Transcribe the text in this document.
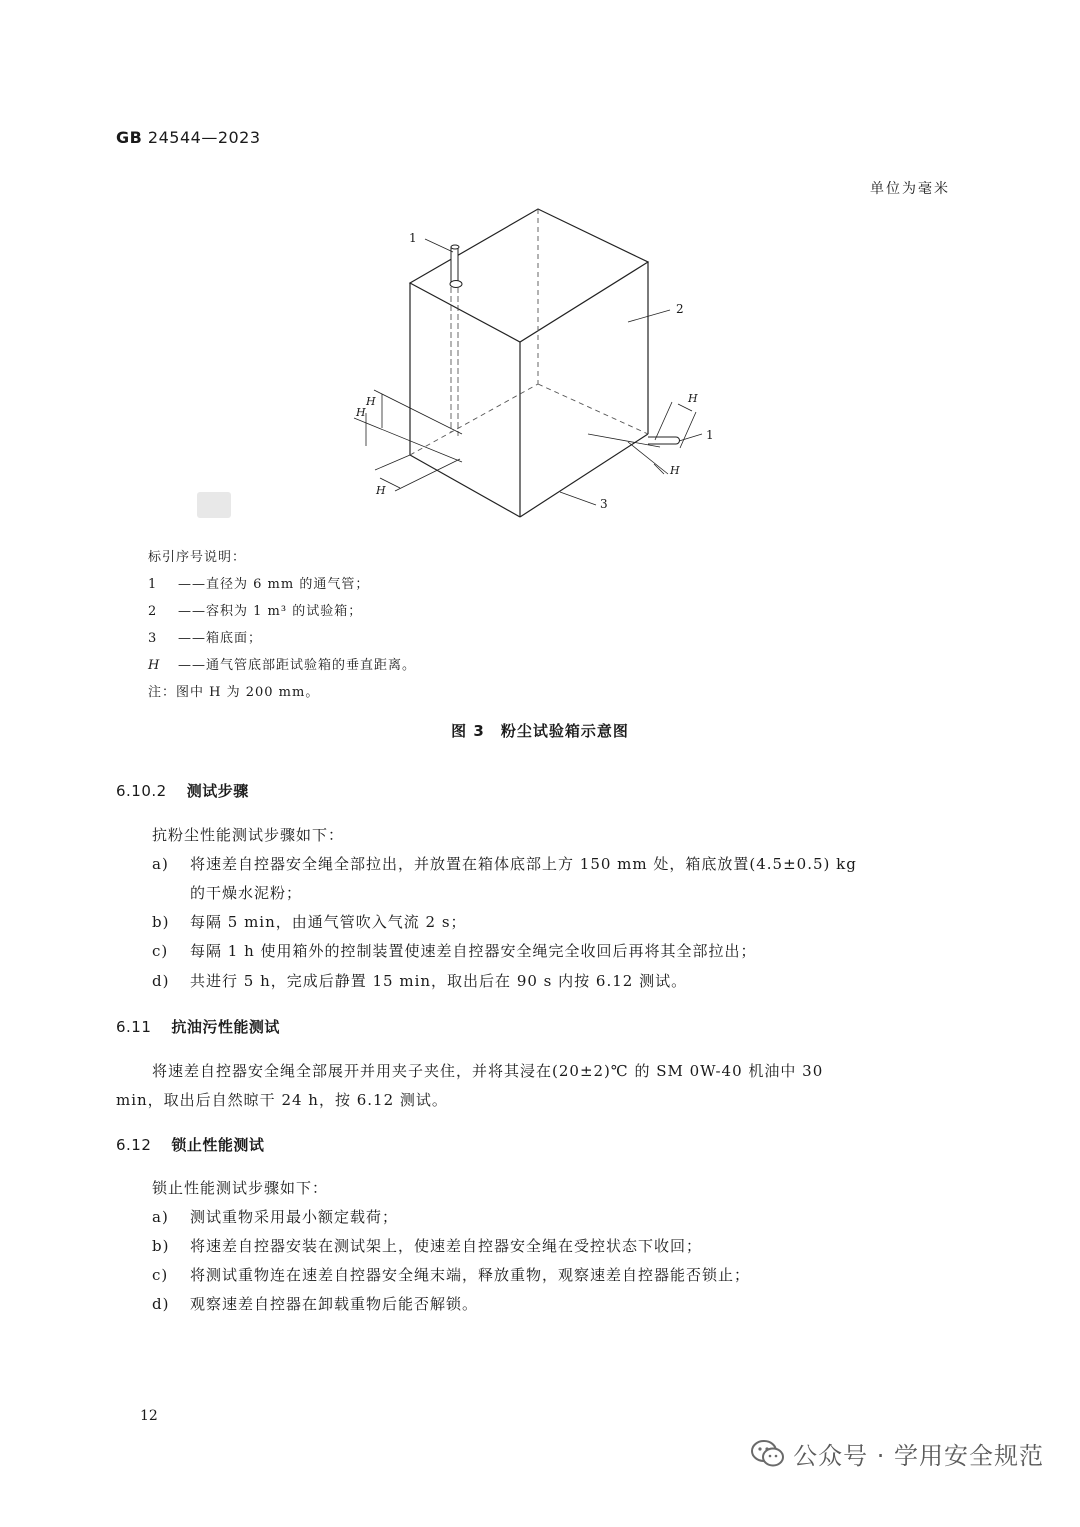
GB 24544—2023
单位为毫米
1
2
1
3
H
H
H
H
H
标引序号说明：
1 ——直径为 6 mm 的通气管；
2 ——容积为 1 m³ 的试验箱；
3 ——箱底面；
H ——通气管底部距试验箱的垂直距离。
注：图中 H 为 200 mm。
图 3　粉尘试验箱示意图
6.10.2 测试步骤
抗粉尘性能测试步骤如下：
a) 将速差自控器安全绳全部拉出，并放置在箱体底部上方 150 mm 处，箱底放置(4.5±0.5) kg
的干燥水泥粉；
b) 每隔 5 min，由通气管吹入气流 2 s；
c) 每隔 1 h 使用箱外的控制装置使速差自控器安全绳完全收回后再将其全部拉出；
d) 共进行 5 h，完成后静置 15 min，取出后在 90 s 内按 6.12 测试。
6.11 抗油污性能测试
将速差自控器安全绳全部展开并用夹子夹住，并将其浸在(20±2)℃ 的 SM 0W-40 机油中 30
min，取出后自然晾干 24 h，按 6.12 测试。
6.12 锁止性能测试
锁止性能测试步骤如下：
a) 测试重物采用最小额定载荷；
b) 将速差自控器安装在测试架上，使速差自控器安全绳在受控状态下收回；
c) 将测试重物连在速差自控器安全绳末端，释放重物，观察速差自控器能否锁止；
d) 观察速差自控器在卸载重物后能否解锁。
12
公众号 · 学用安全规范
